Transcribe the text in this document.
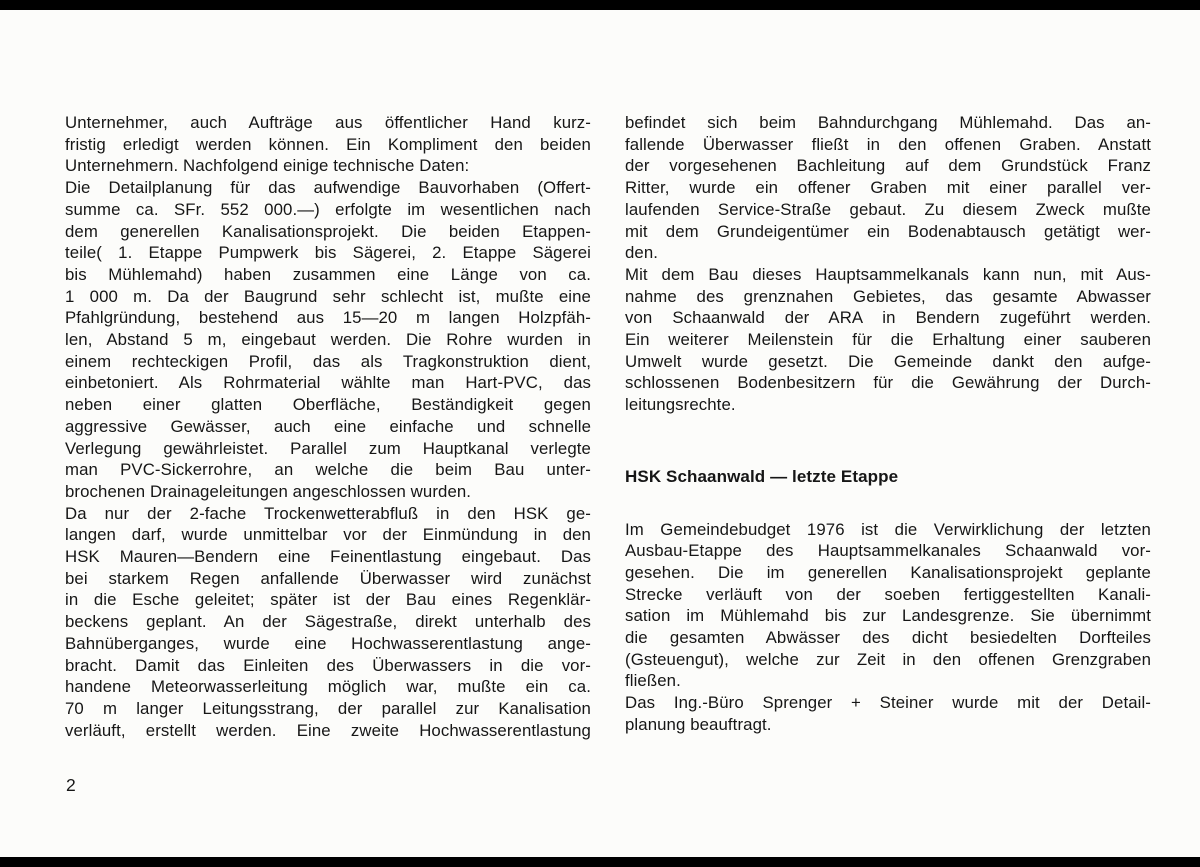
Unternehmer, auch Aufträge aus öffentlicher Hand kurz-
fristig erledigt werden können. Ein Kompliment den beiden
Unternehmern. Nachfolgend einige technische Daten:
Die Detailplanung für das aufwendige Bauvorhaben (Offert-
summe ca. SFr. 552 000.—) erfolgte im wesentlichen nach
dem generellen Kanalisationsprojekt. Die beiden Etappen-
teile( 1. Etappe Pumpwerk bis Sägerei, 2. Etappe Sägerei
bis Mühlemahd) haben zusammen eine Länge von ca.
1 000 m. Da der Baugrund sehr schlecht ist, mußte eine
Pfahlgründung, bestehend aus 15—20 m langen Holzpfäh-
len, Abstand 5 m, eingebaut werden. Die Rohre wurden in
einem rechteckigen Profil, das als Tragkonstruktion dient,
einbetoniert. Als Rohrmaterial wählte man Hart-PVC, das
neben einer glatten Oberfläche, Beständigkeit gegen
aggressive Gewässer, auch eine einfache und schnelle
Verlegung gewährleistet. Parallel zum Hauptkanal verlegte
man PVC-Sickerrohre, an welche die beim Bau unter-
brochenen Drainageleitungen angeschlossen wurden.
Da nur der 2-fache Trockenwetterabfluß in den HSK ge-
langen darf, wurde unmittelbar vor der Einmündung in den
HSK Mauren—Bendern eine Feinentlastung eingebaut. Das
bei starkem Regen anfallende Überwasser wird zunächst
in die Esche geleitet; später ist der Bau eines Regenklär-
beckens geplant. An der Sägestraße, direkt unterhalb des
Bahnüberganges, wurde eine Hochwasserentlastung ange-
bracht. Damit das Einleiten des Überwassers in die vor-
handene Meteorwasserleitung möglich war, mußte ein ca.
70 m langer Leitungsstrang, der parallel zur Kanalisation
verläuft, erstellt werden. Eine zweite Hochwasserentlastung
befindet sich beim Bahndurchgang Mühlemahd. Das an-
fallende Überwasser fließt in den offenen Graben. Anstatt
der vorgesehenen Bachleitung auf dem Grundstück Franz
Ritter, wurde ein offener Graben mit einer parallel ver-
laufenden Service-Straße gebaut. Zu diesem Zweck mußte
mit dem Grundeigentümer ein Bodenabtausch getätigt wer-
den.
Mit dem Bau dieses Hauptsammelkanals kann nun, mit Aus-
nahme des grenznahen Gebietes, das gesamte Abwasser
von Schaanwald der ARA in Bendern zugeführt werden.
Ein weiterer Meilenstein für die Erhaltung einer sauberen
Umwelt wurde gesetzt. Die Gemeinde dankt den aufge-
schlossenen Bodenbesitzern für die Gewährung der Durch-
leitungsrechte.
HSK Schaanwald — letzte Etappe
Im Gemeindebudget 1976 ist die Verwirklichung der letzten
Ausbau-Etappe des Hauptsammelkanales Schaanwald vor-
gesehen. Die im generellen Kanalisationsprojekt geplante
Strecke verläuft von der soeben fertiggestellten Kanali-
sation im Mühlemahd bis zur Landesgrenze. Sie übernimmt
die gesamten Abwässer des dicht besiedelten Dorfteiles
(Gsteuengut), welche zur Zeit in den offenen Grenzgraben
fließen.
Das Ing.-Büro Sprenger + Steiner wurde mit der Detail-
planung beauftragt.
2
